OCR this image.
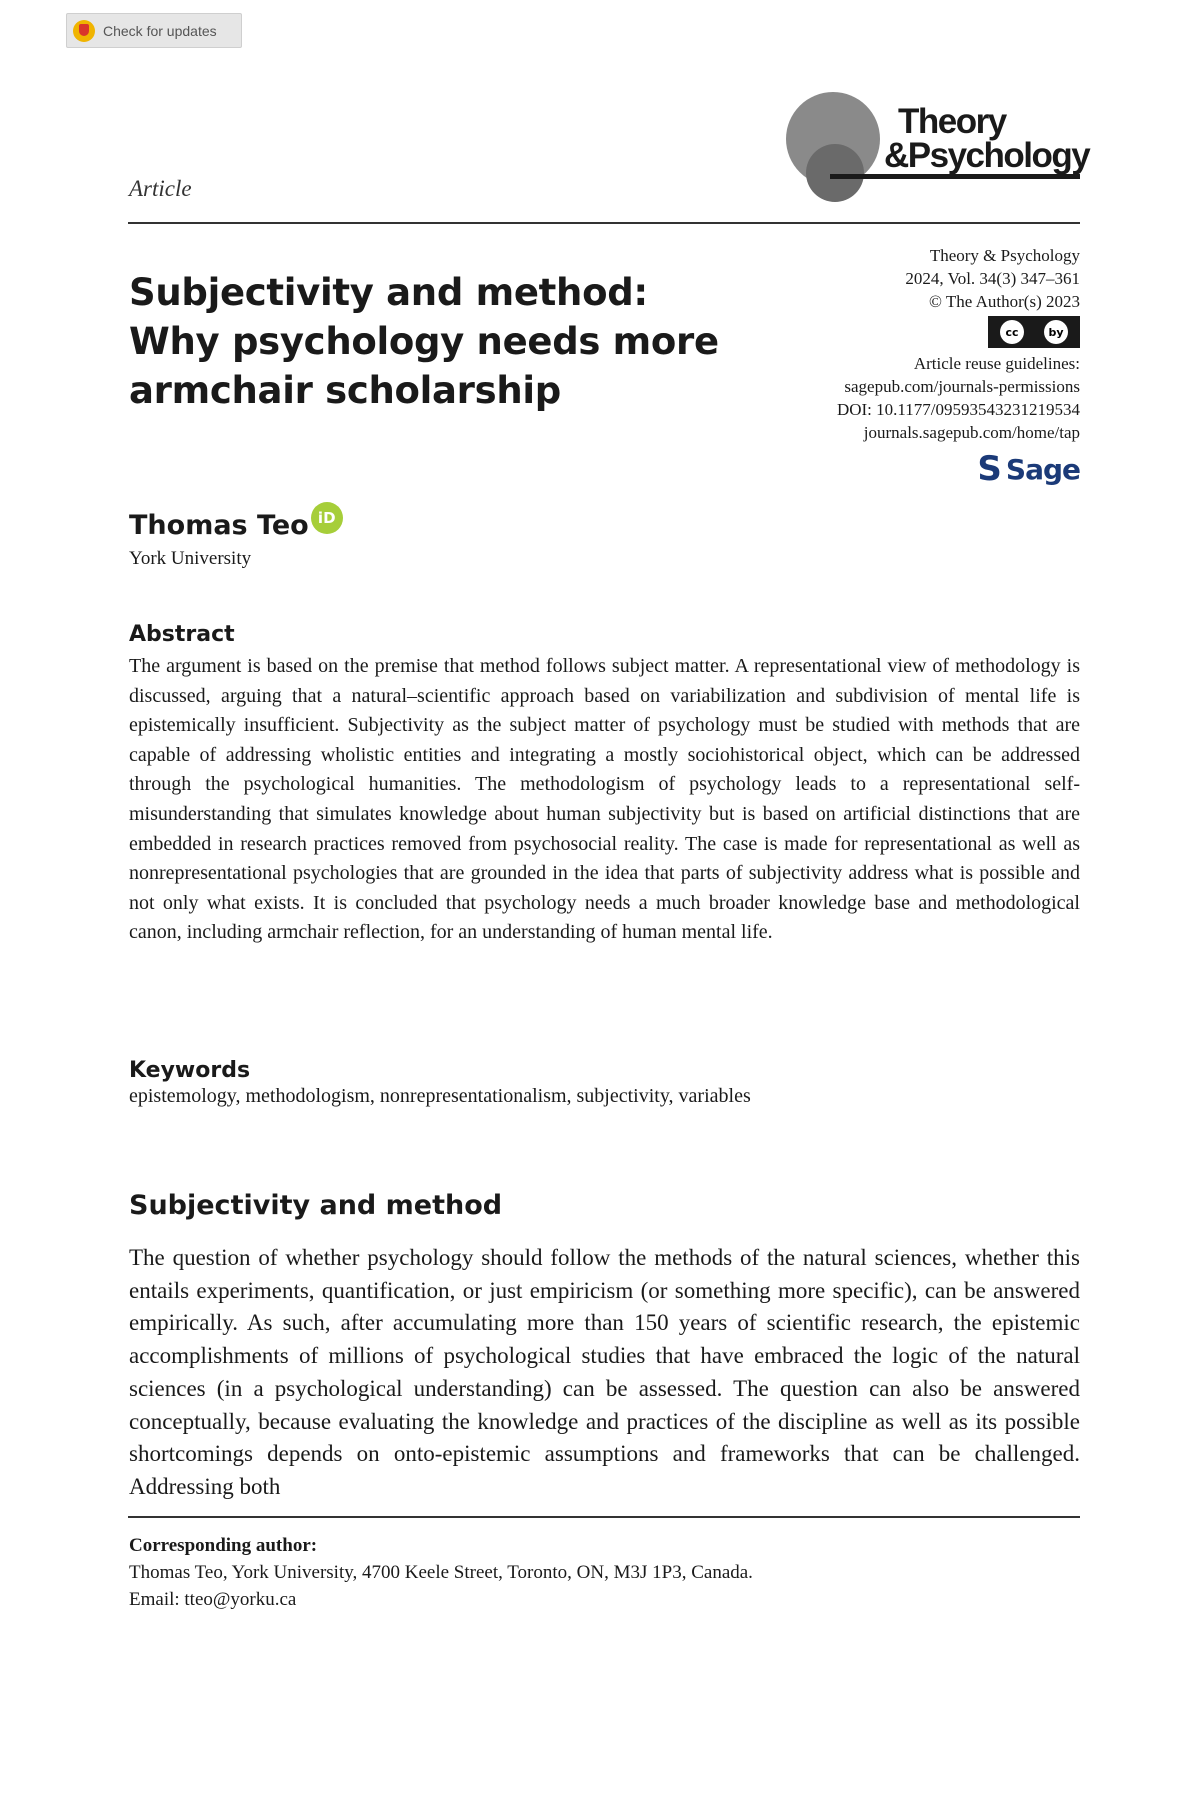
Check for updates
Theory
&Psychology
Article
Subjectivity and method: Why psychology needs more armchair scholarship
Theory & Psychology
2024, Vol. 34(3) 347–361
© The Author(s) 2023
cc	by
Article reuse guidelines:
sagepub.com/journals-permissions
DOI: 10.1177/09593543231219534
journals.sagepub.com/home/tap
S Sage
Thomas Teo iD
York University
Abstract

The argument is based on the premise that method follows subject matter. A representational view of methodology is discussed, arguing that a natural–scientific approach based on variabilization and subdivision of mental life is epistemically insufficient. Subjectivity as the subject matter of psychology must be studied with methods that are capable of addressing wholistic entities and integrating a mostly sociohistorical object, which can be addressed through the psychological humanities. The methodologism of psychology leads to a representational self-misunderstanding that simulates knowledge about human subjectivity but is based on artificial distinctions that are embedded in research practices removed from psychosocial reality. The case is made for representational as well as nonrepresentational psychologies that are grounded in the idea that parts of subjectivity address what is possible and not only what exists. It is concluded that psychology needs a much broader knowledge base and methodological canon, including armchair reflection, for an understanding of human mental life.

Keywords

epistemology, methodologism, nonrepresentationalism, subjectivity, variables

Subjectivity and method

The question of whether psychology should follow the methods of the natural sciences, whether this entails experiments, quantification, or just empiricism (or something more specific), can be answered empirically. As such, after accumulating more than 150 years of scientific research, the epistemic accomplishments of millions of psychological studies that have embraced the logic of the natural sciences (in a psychological understanding) can be assessed. The question can also be answered conceptually, because evaluating the knowledge and practices of the discipline as well as its possible shortcomings depends on onto-epistemic assumptions and frameworks that can be challenged. Addressing both

Corresponding author:
Thomas Teo, York University, 4700 Keele Street, Toronto, ON, M3J 1P3, Canada.
Email: tteo@yorku.ca
